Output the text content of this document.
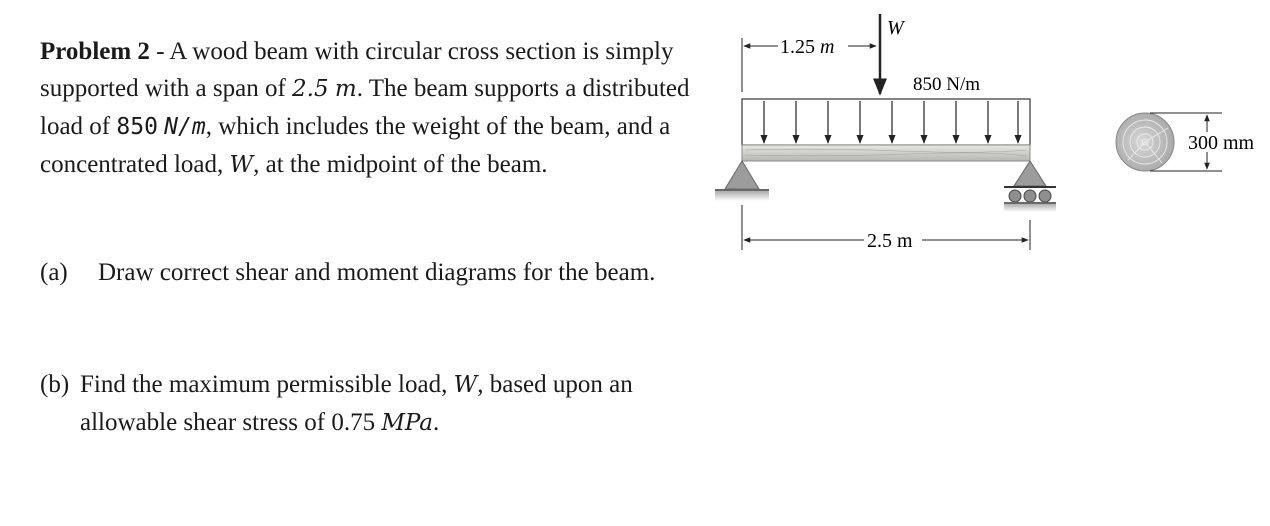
Problem 2 - A wood beam with circular cross section is simply supported with a span of 2.5 m. The beam supports a distributed load of 850 N/m, which includes the weight of the beam, and a concentrated load, W, at the midpoint of the beam.

(a)	Draw correct shear and moment diagrams for the beam.
(b) Find the maximum permissible load, W, based upon an allowable shear stress of 0.75 MPa.
1.25 m
W
850 N/m
2.5 m
300 mm
